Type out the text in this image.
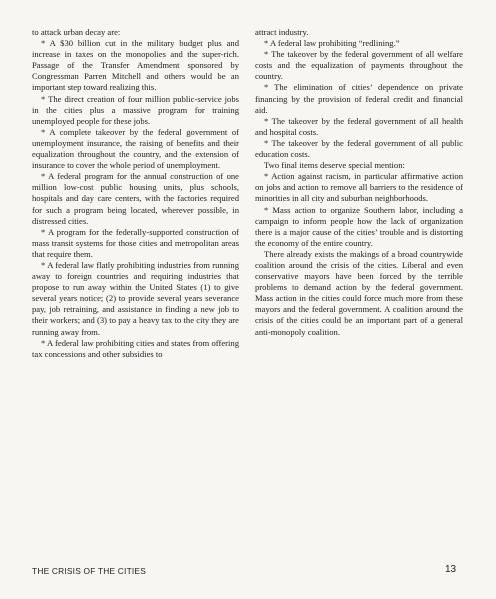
to attack urban decay are:

* A $30 billion cut in the military budget plus and increase in taxes on the monopolies and the super-rich. Passage of the Transfer Amendment sponsored by Congressman Parren Mitchell and others would be an important step toward realizing this.

* The direct creation of four million public-service jobs in the cities plus a massive program for training unemployed people for these jobs.

* A complete takeover by the federal government of unemployment insurance, the raising of benefits and their equalization throughout the country, and the extension of insurance to cover the whole period of unemployment.

* A federal program for the annual construction of one million low-cost public housing units, plus schools, hospitals and day care centers, with the factories required for such a program being located, wherever possible, in distressed cities.

* A program for the federally-supported construction of mass transit systems for those cities and metropolitan areas that require them.

* A federal law flatly prohibiting industries from running away to foreign countries and requiring industries that propose to run away within the United States (1) to give several years notice; (2) to provide several years severance pay, job retraining, and assistance in finding a new job to their workers; and (3) to pay a heavy tax to the city they are running away from.

* A federal law prohibiting cities and states from offering tax concessions and other subsidies to

attract industry.

* A federal law prohibiting “redlining.”

* The takeover by the federal government of all welfare costs and the equalization of payments throughout the country.

* The elimination of cities’ dependence on private financing by the provision of federal credit and financial aid.

* The takeover by the federal government of all health and hospital costs.

* The takeover by the federal government of all public education costs.

Two final items deserve special mention:

* Action against racism, in particular affirmative action on jobs and action to remove all barriers to the residence of minorities in all city and suburban neighborhoods.

* Mass action to organize Southern labor, including a campaign to inform people how the lack of organization there is a major cause of the cities’ trouble and is distorting the economy of the entire country.

There already exists the makings of a broad countrywide coalition around the crisis of the cities. Liberal and even conservative mayors have been forced by the terrible problems to demand action by the federal government. Mass action in the cities could force much more from these mayors and the federal government. A coalition around the crisis of the cities could be an important part of a general anti-monopoly coalition.

THE CRISIS OF THE CITIES	13
